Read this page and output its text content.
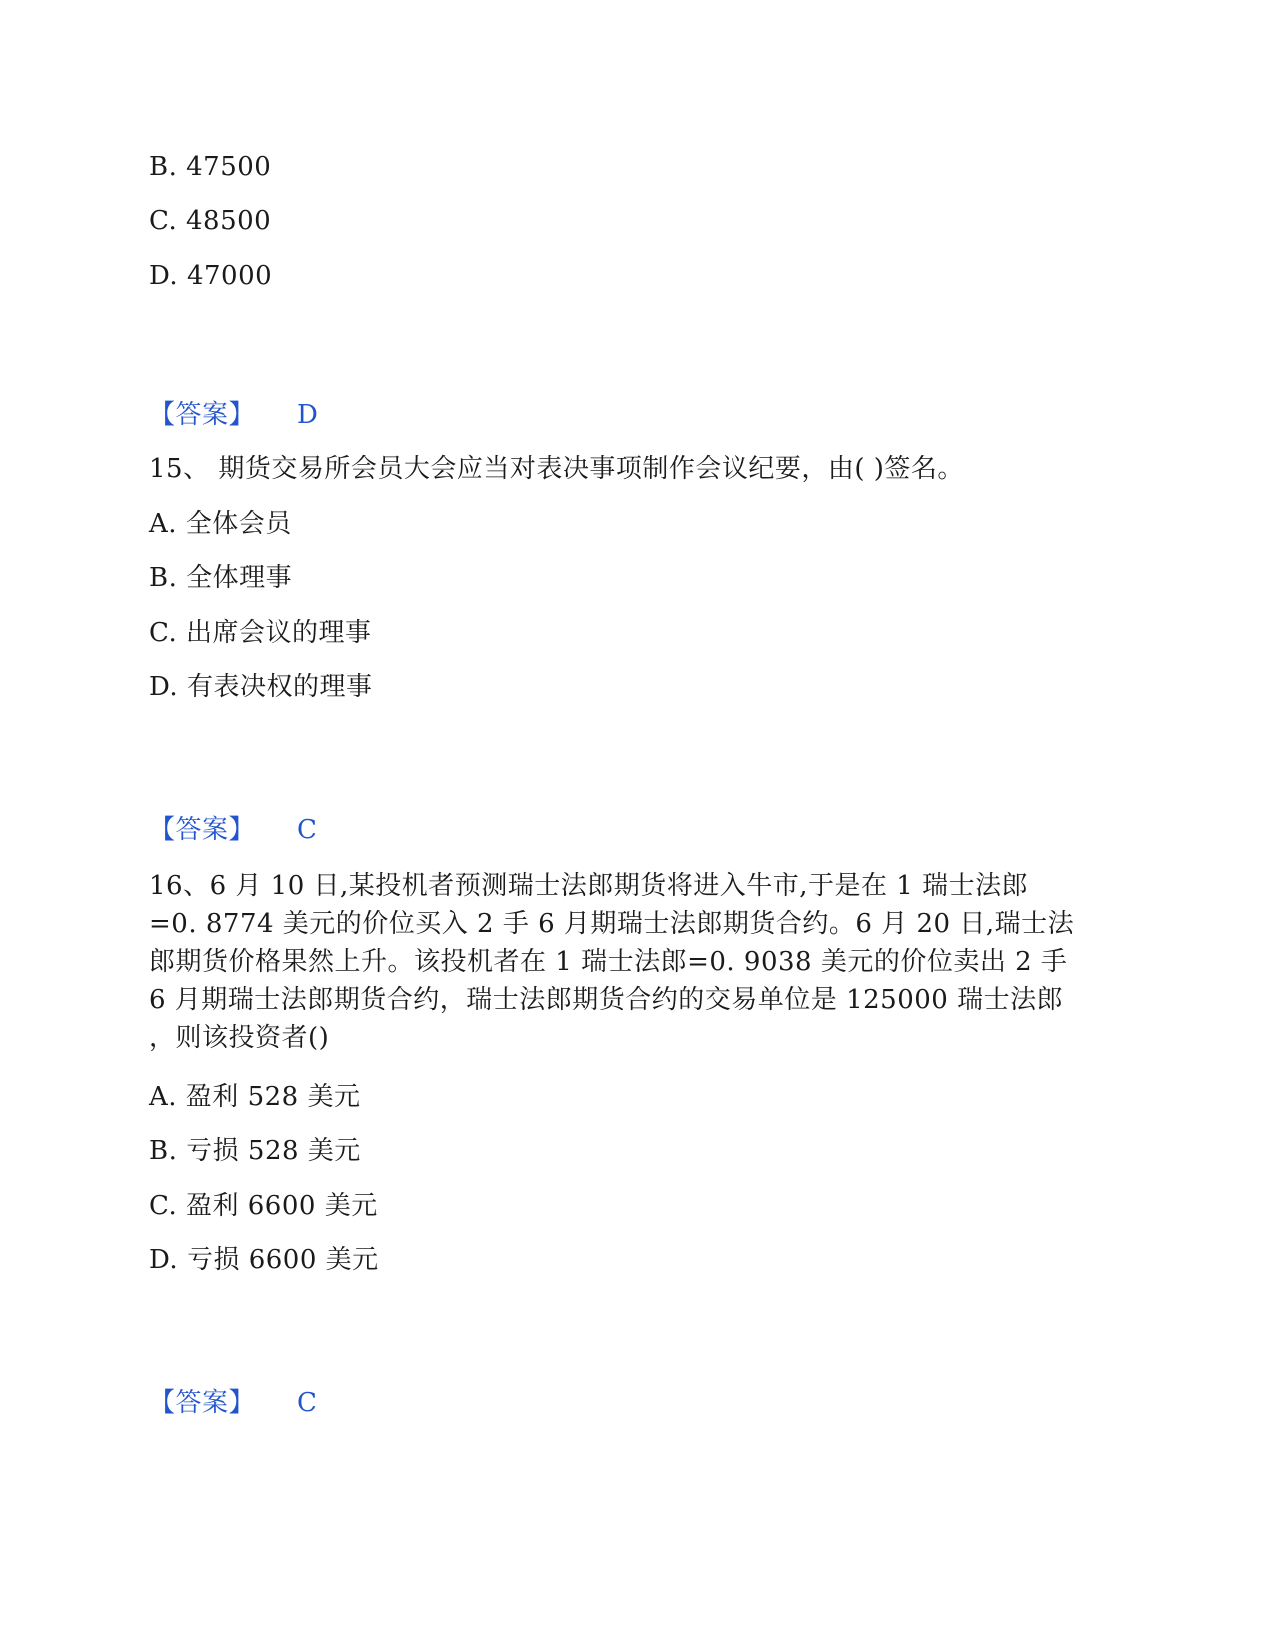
B. 47500
C. 48500
D. 47000
【答案】 D
15、 期货交易所会员大会应当对表决事项制作会议纪要，由( )签名。
A. 全体会员
B. 全体理事
C. 出席会议的理事
D. 有表决权的理事
【答案】 C
16、6 月 10 日,某投机者预测瑞士法郎期货将进入牛市,于是在 1 瑞士法郎
=0. 8774 美元的价位买入 2 手 6 月期瑞士法郎期货合约。6 月 20 日,瑞士法
郎期货价格果然上升。该投机者在 1 瑞士法郎=0. 9038 美元的价位卖出 2 手
6 月期瑞士法郎期货合约，瑞士法郎期货合约的交易单位是 125000 瑞士法郎
，则该投资者()
A. 盈利 528 美元
B. 亏损 528 美元
C. 盈利 6600 美元
D. 亏损 6600 美元
【答案】 C
